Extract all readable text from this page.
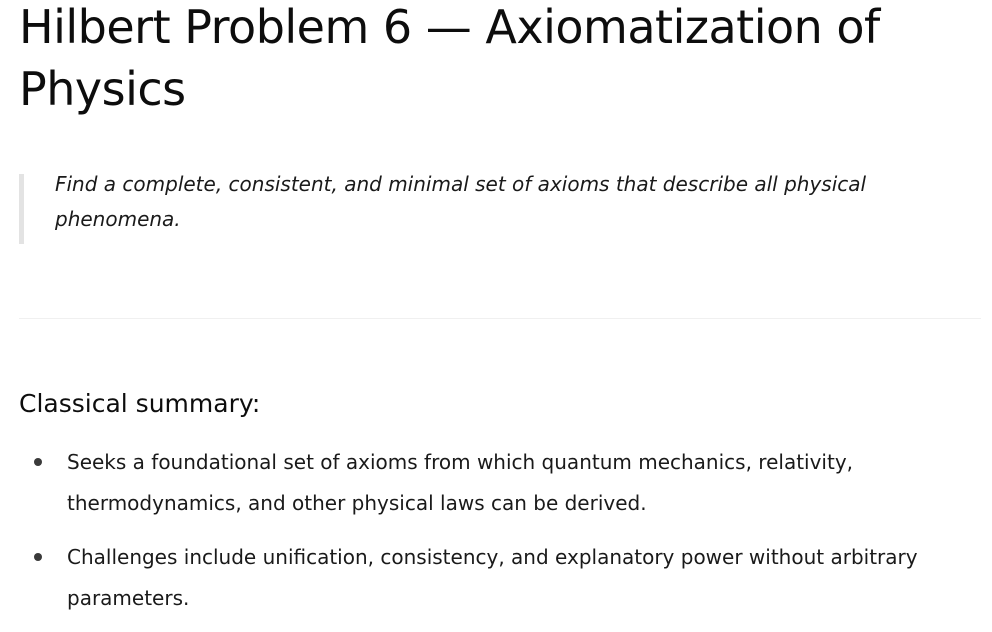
Hilbert Problem 6 — Axiomatization of Physics

Find a complete, consistent, and minimal set of axioms that describe all physical phenomena.

Classical summary:
Seeks a foundational set of axioms from which quantum mechanics, relativity, thermodynamics, and other physical laws can be derived.
Challenges include unification, consistency, and explanatory power without arbitrary parameters.
